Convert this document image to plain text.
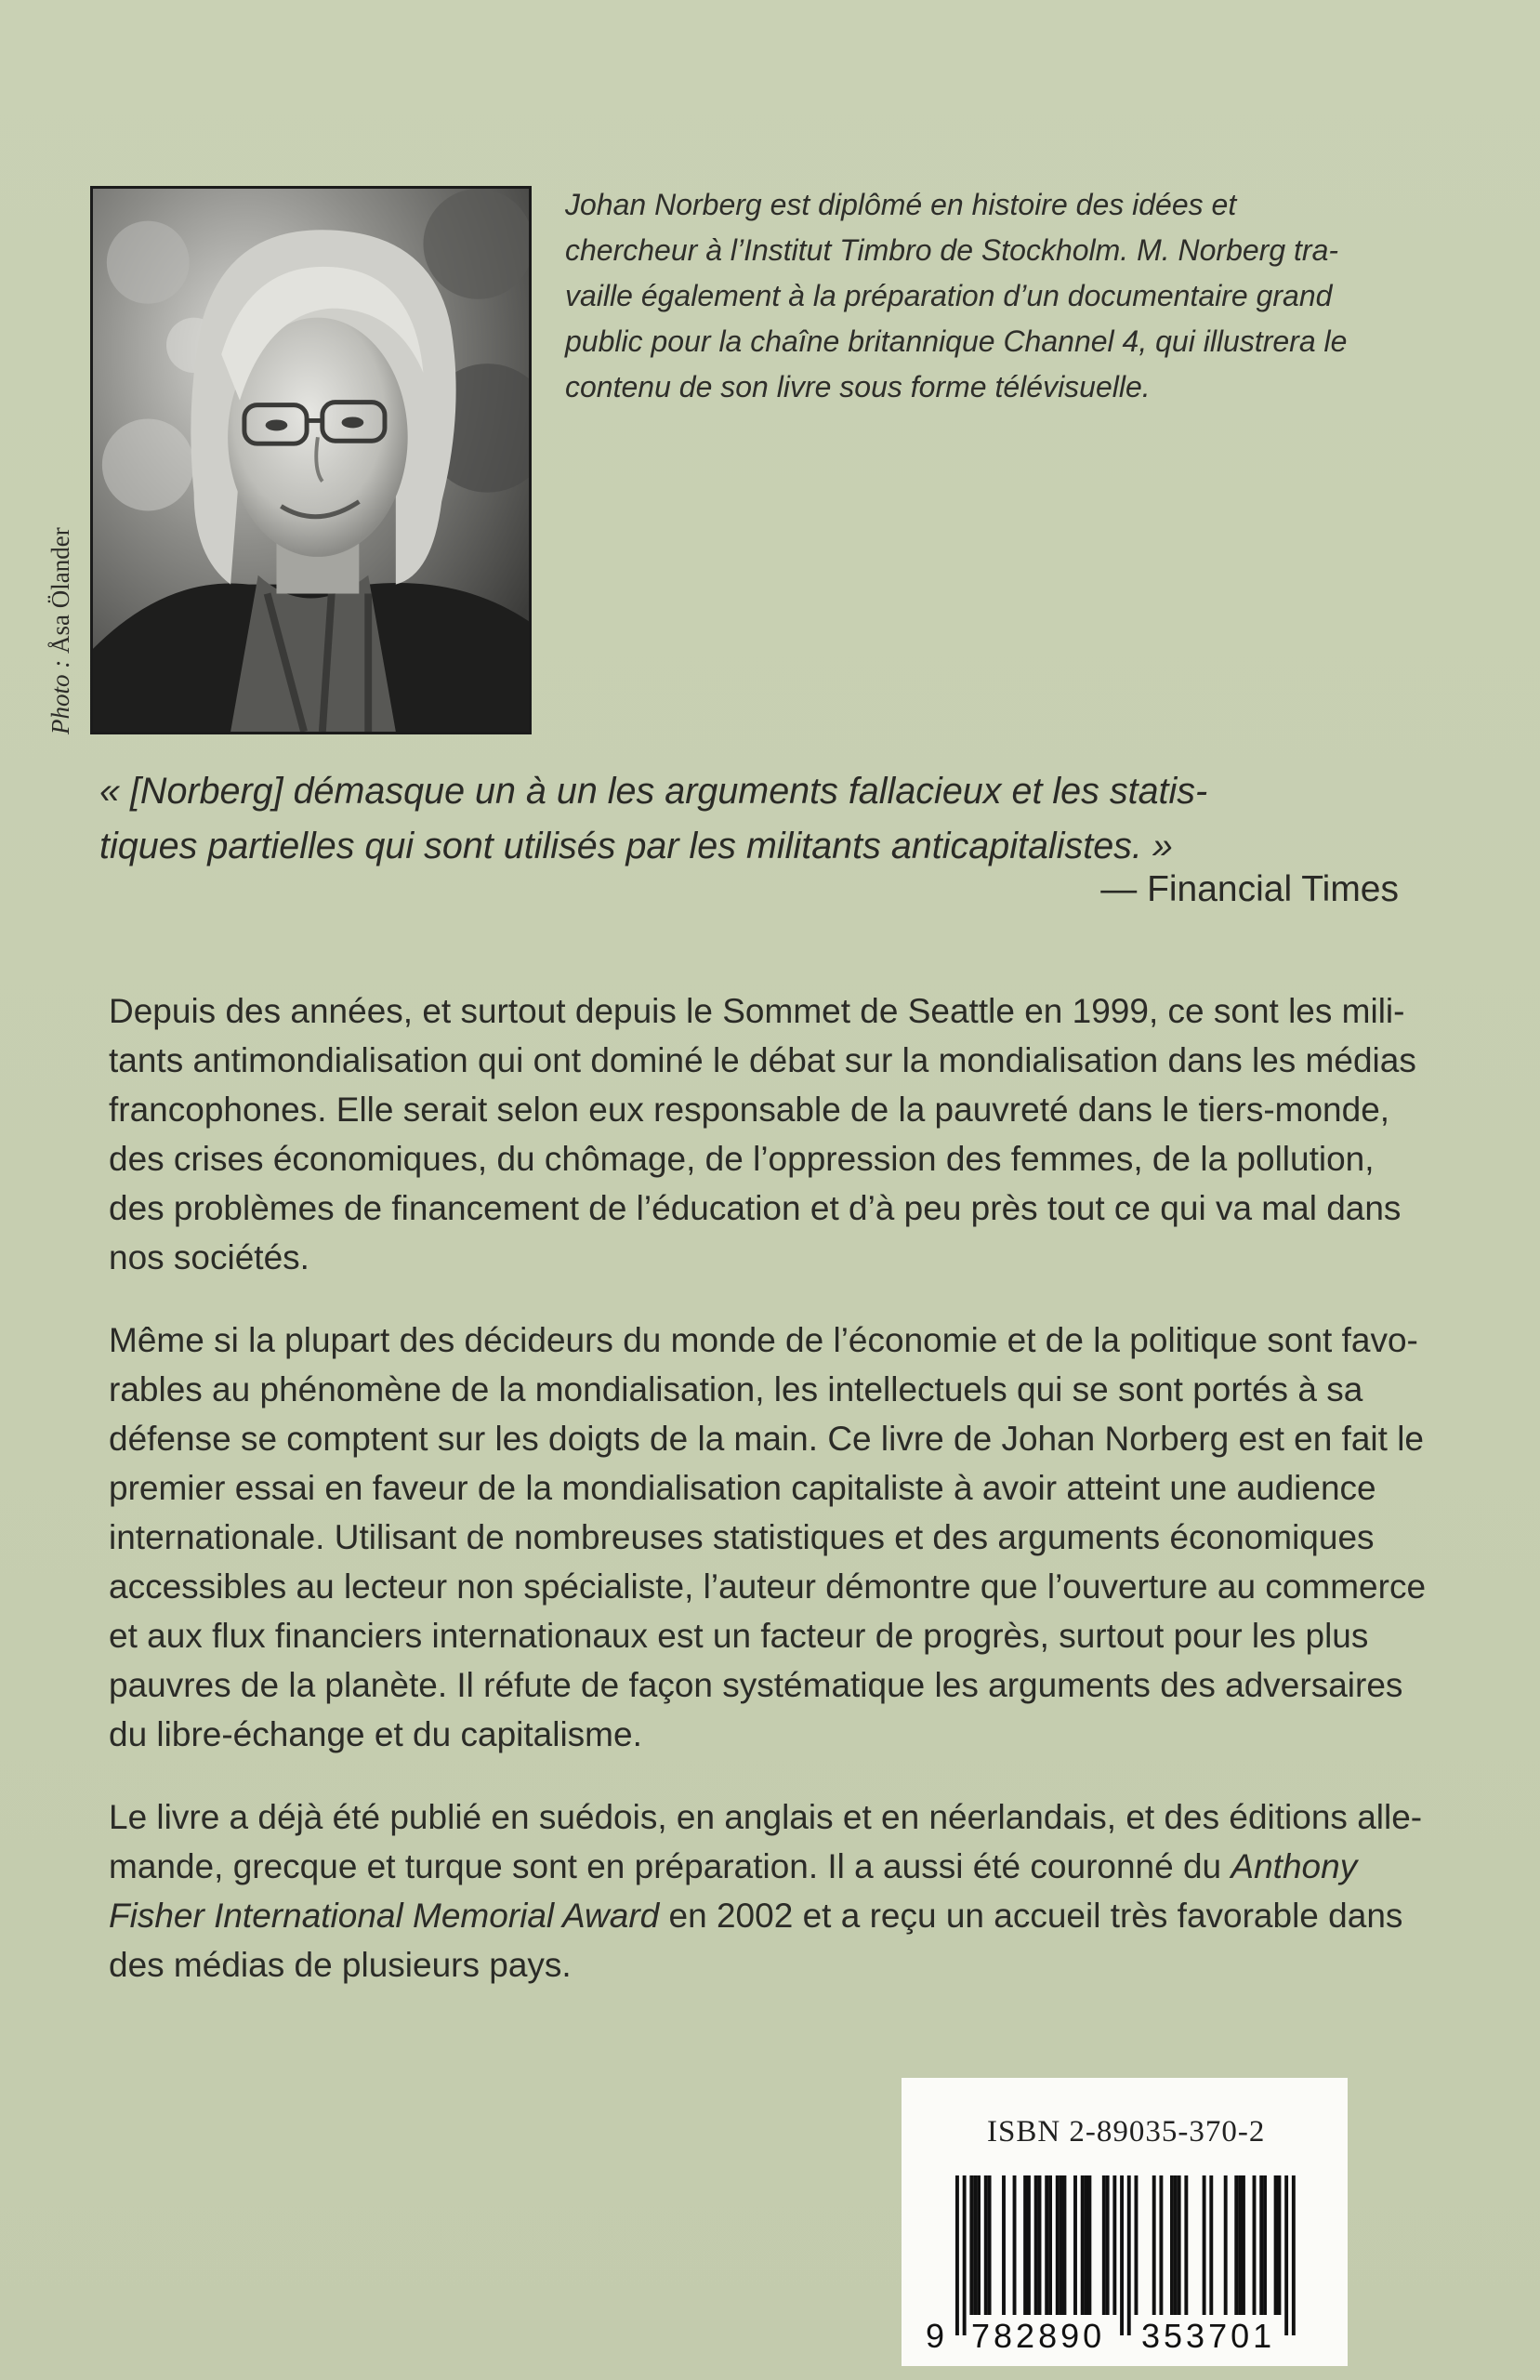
Photo : Åsa Ölander
Johan Norberg est diplômé en histoire des idées et
chercheur à l’Institut Timbro de Stockholm. M. Norberg tra-
vaille également à la préparation d’un documentaire grand
public pour la chaîne britannique Channel 4, qui illustrera le
contenu de son livre sous forme télévisuelle.
« [Norberg] démasque un à un les arguments fallacieux et les statis-
tiques partielles qui sont utilisés par les militants anticapitalistes. »
— Financial Times
Depuis des années, et surtout depuis le Sommet de Seattle en 1999, ce sont les mili-
tants antimondialisation qui ont dominé le débat sur la mondialisation dans les médias
francophones. Elle serait selon eux responsable de la pauvreté dans le tiers-monde,
des crises économiques, du chômage, de l’oppression des femmes, de la pollution,
des problèmes de financement de l’éducation et d’à peu près tout ce qui va mal dans
nos sociétés.
Même si la plupart des décideurs du monde de l’économie et de la politique sont favo-
rables au phénomène de la mondialisation, les intellectuels qui se sont portés à sa
défense se comptent sur les doigts de la main. Ce livre de Johan Norberg est en fait le
premier essai en faveur de la mondialisation capitaliste à avoir atteint une audience
internationale. Utilisant de nombreuses statistiques et des arguments économiques
accessibles au lecteur non spécialiste, l’auteur démontre que l’ouverture au commerce
et aux flux financiers internationaux est un facteur de progrès, surtout pour les plus
pauvres de la planète. Il réfute de façon systématique les arguments des adversaires
du libre-échange et du capitalisme.
Le livre a déjà été publié en suédois, en anglais et en néerlandais, et des éditions alle-
mande, grecque et turque sont en préparation. Il a aussi été couronné du Anthony
Fisher International Memorial Award en 2002 et a reçu un accueil très favorable dans
des médias de plusieurs pays.
ISBN 2-89035-370-2
9 782890 353701
